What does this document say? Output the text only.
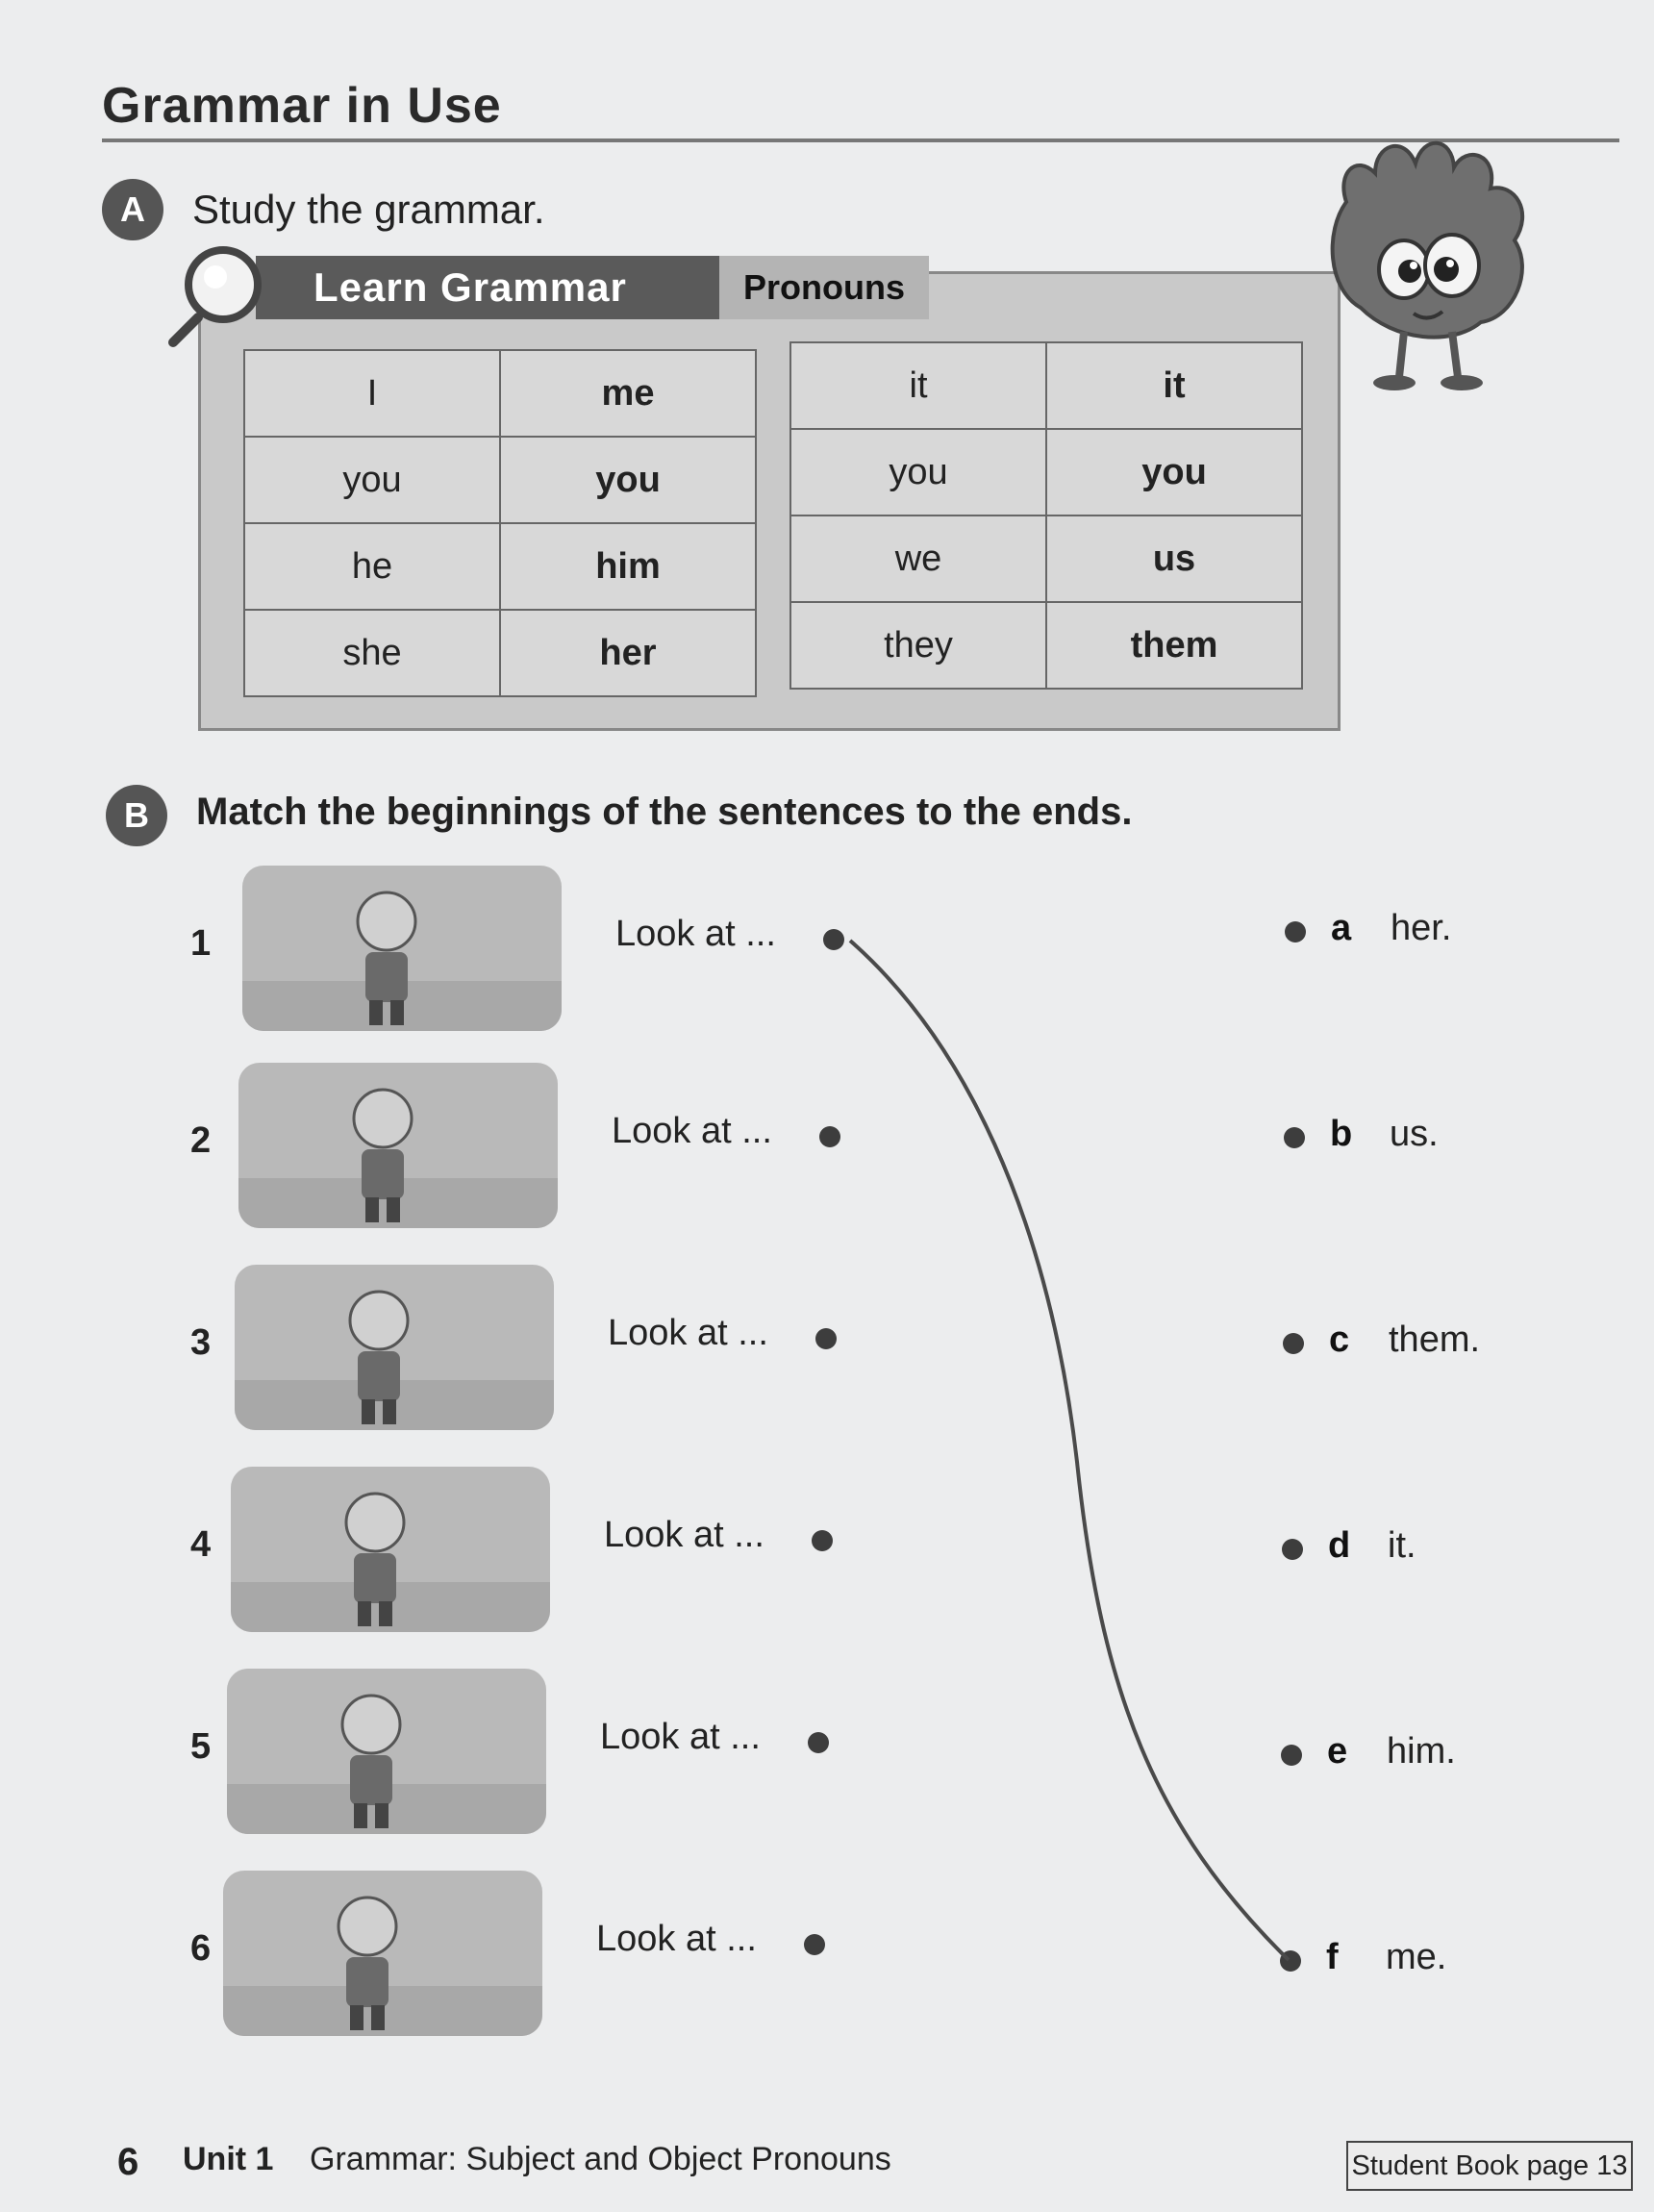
Grammar in Use
A	Study the grammar.
I	me
you	you
he	him
she	her
it	it
you	you
we	us
they	them
Learn Grammar	Pronouns
B	Match the beginnings of the sentences to the ends.
1	Look at ...
2	Look at ...
3	Look at ...
4	Look at ...
5	Look at ...
6	Look at ...
a her.
b us.
c them.
d it.
e him.
f me.
6 Unit 1 Grammar: Subject and Object Pronouns	Student Book page 13
